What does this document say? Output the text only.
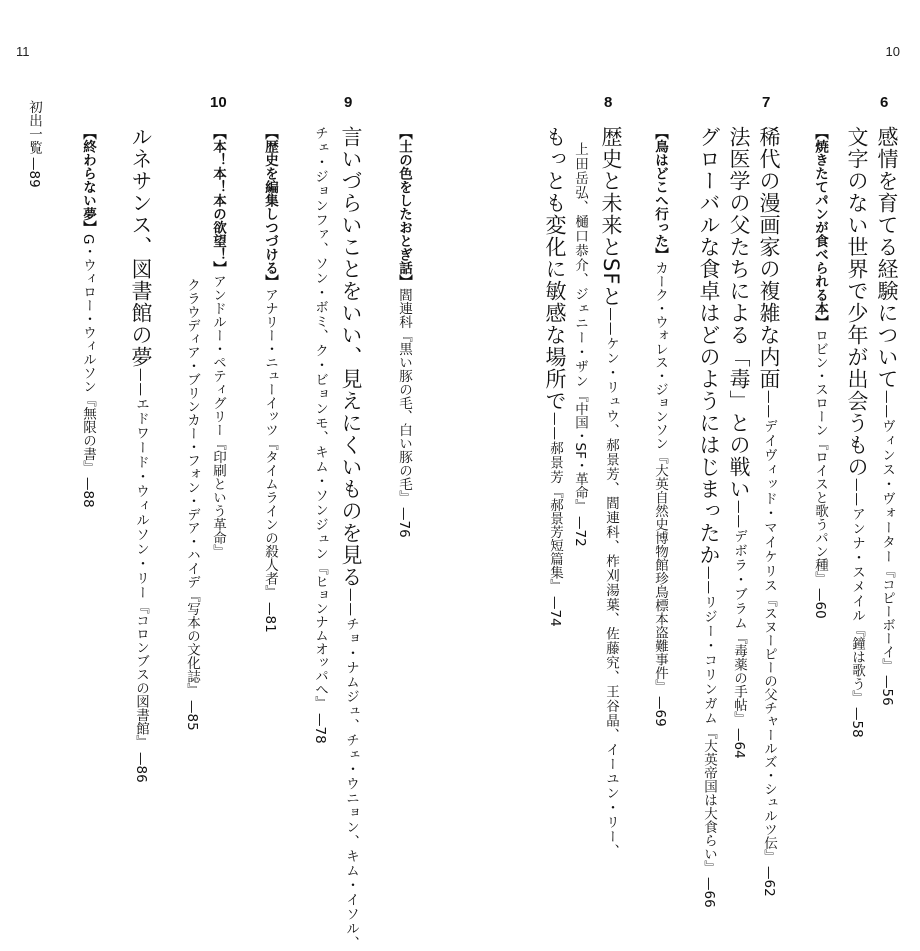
11	10
6
感情を育てる経験について——ヴィンス・ヴォーター『コピーボーイ』—56
文字のない世界で少年が出会うもの——アンナ・スメイル『鐘は歌う』—58
【焼きたてパンが食べられる本】ロビン・スローン『ロイスと歌うパン種』—60
7
稀代の漫画家の複雑な内面——デイヴィッド・マイケリス『スヌーピーの父チャールズ・シュルツ伝』—62
法医学の父たちによる「毒」との戦い——デボラ・ブラム『毒薬の手帖』—64
グローバルな食卓はどのようにはじまったか——リジー・コリンガム『大英帝国は大食らい』—66
【鳥はどこへ行った】カーク・ウォレス・ジョンソン『大英自然史博物館珍鳥標本盗難事件』—69
8
歴史と未来とSFと——ケン・リュウ、郝景芳、閻連科、柞刈湯葉、佐藤究、王谷晶、イーユン・リー、
上田岳弘、樋口恭介、ジェニー・ザン『中国・SF・革命』—72
もっとも変化に敏感な場所で——郝景芳『郝景芳短篇集』—74
9
【土の色をしたおとぎ話】閻連科『黒い豚の毛、白い豚の毛』—76
言いづらいことをいい、見えにくいものを見る——チョ・ナムジュ、チェ・ウニョン、キム・イソル、
チェ・ジョンファ、ソン・ボミ、ク・ビョンモ、キム・ソンジュン『ヒョンナムオッパへ』—78
10
【歴史を編集しつづける】アナリー・ニューイッツ『タイムラインの殺人者』—81
【本！本！本の欲望！】アンドルー・ペティグリー『印刷という革命』
クラウディア・ブリンカー・フォン・デア・ハイデ『写本の文化誌』—85
ルネサンス、図書館の夢——エドワード・ウィルソン・リー『コロンブスの図書館』—86
【終わらない夢】G・ウィロー・ウィルソン『無限の書』—88
初出一覧—89
